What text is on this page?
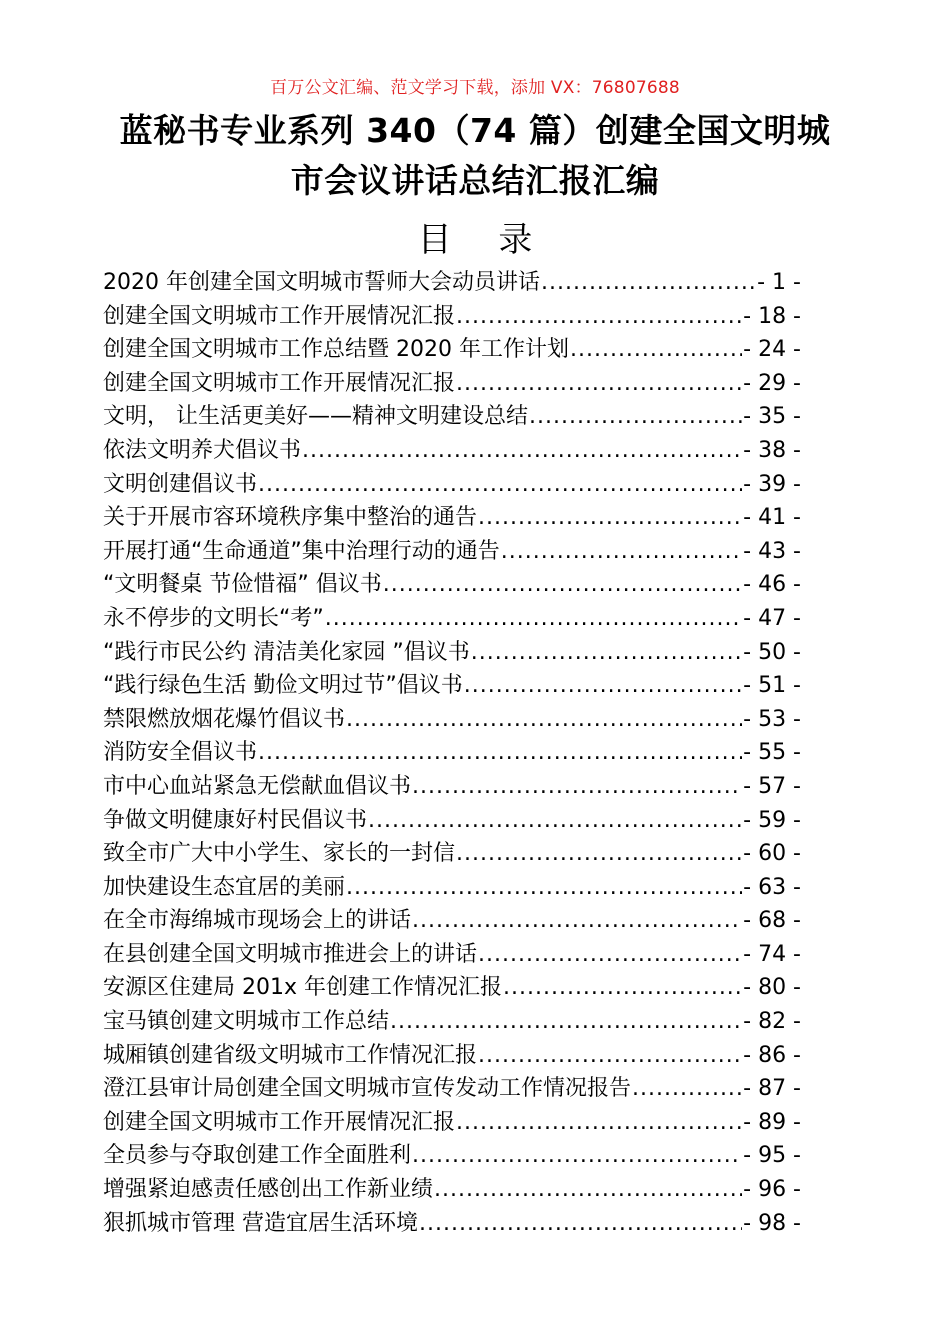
百万公文汇编、范文学习下载，添加 VX：76807688
蓝秘书专业系列 340（74 篇）创建全国文明城
市会议讲话总结汇报汇编
目 录
2020 年创建全国文明城市誓师大会动员讲话 .....	- 1 -
创建全国文明城市工作开展情况汇报 .....	- 18 -
创建全国文明城市工作总结暨 2020 年工作计划 .....	- 24 -
创建全国文明城市工作开展情况汇报 .....	- 29 -
文明， 让生活更美好——精神文明建设总结 .....	- 35 -
依法文明养犬倡议书 .....	- 38 -
文明创建倡议书 .....	- 39 -
关于开展市容环境秩序集中整治的通告 .....	- 41 -
开展打通“生命通道”集中治理行动的通告 .....	- 43 -
“文明餐桌 节俭惜福” 倡议书 .....	- 46 -
永不停步的文明长“考” .....	- 47 -
“践行市民公约 清洁美化家园 ”倡议书 .....	- 50 -
“践行绿色生活 勤俭文明过节”倡议书 .....	- 51 -
禁限燃放烟花爆竹倡议书 .....	- 53 -
消防安全倡议书 .....	- 55 -
市中心血站紧急无偿献血倡议书 .....	- 57 -
争做文明健康好村民倡议书 .....	- 59 -
致全市广大中小学生、家长的一封信 .....	- 60 -
加快建设生态宜居的美丽 .....	- 63 -
在全市海绵城市现场会上的讲话 .....	- 68 -
在县创建全国文明城市推进会上的讲话 .....	- 74 -
安源区住建局 201x 年创建工作情况汇报 .....	- 80 -
宝马镇创建文明城市工作总结 .....	- 82 -
城厢镇创建省级文明城市工作情况汇报 .....	- 86 -
澄江县审计局创建全国文明城市宣传发动工作情况报告 .....	- 87 -
创建全国文明城市工作开展情况汇报 .....	- 89 -
全员参与夺取创建工作全面胜利 .....	- 95 -
增强紧迫感责任感创出工作新业绩 .....	- 96 -
狠抓城市管理 营造宜居生活环境 .....	- 98 -
